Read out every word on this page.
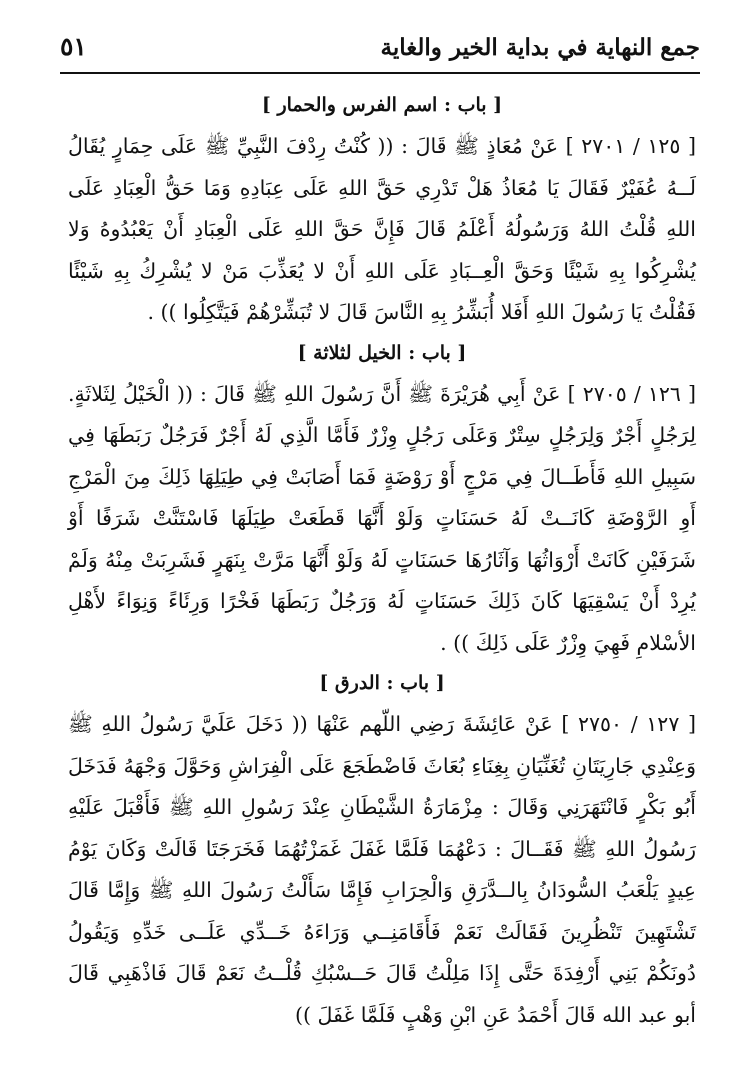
جمع النهاية في بداية الخير والغاية
٥١
[ باب : اسم الفرس والحمار ]

[ ١٢٥ / ٢٧٠١ ] عَنْ مُعَاذٍ ﷺ قَالَ : (( كُنْتُ رِدْفَ النَّبِيِّ ﷺ عَلَى حِمَارٍ يُقَالُ لَــهُ عُفَيْرٌ فَقَالَ يَا مُعَاذُ هَلْ تَدْرِي حَقَّ اللهِ عَلَى عِبَادِهِ وَمَا حَقُّ الْعِبَادِ عَلَى اللهِ قُلْتُ اللهُ وَرَسُولُهُ أَعْلَمُ قَالَ فَإِنَّ حَقَّ اللهِ عَلَى الْعِبَادِ أَنْ يَعْبُدُوهُ وَلا يُشْرِكُوا بِهِ شَيْئًا وَحَقَّ الْعِــبَادِ عَلَى اللهِ أَنْ لا يُعَذِّبَ مَنْ لا يُشْرِكُ بِهِ شَيْئًا فَقُلْتُ يَا رَسُولَ اللهِ أَفَلا أُبَشِّرُ بِهِ النَّاسَ قَالَ لا تُبَشِّرْهُمْ فَيَتَّكِلُوا )) .

[ باب : الخيل لثلاثة ]

[ ١٢٦ / ٢٧٠٥ ] عَنْ أَبِي هُرَيْرَةَ ﷺ أَنَّ رَسُولَ اللهِ ﷺ قَالَ : (( الْخَيْلُ لِثَلاثَةٍ. لِرَجُلٍ أَجْرٌ وَلِرَجُلٍ سِتْرٌ وَعَلَى رَجُلٍ وِزْرٌ فَأَمَّا الَّذِي لَهُ أَجْرٌ فَرَجُلٌ رَبَطَهَا فِي سَبِيلِ اللهِ فَأَطَــالَ فِي مَرْجٍ أَوْ رَوْضَةٍ فَمَا أَصَابَتْ فِي طِيَلِهَا ذَلِكَ مِنَ الْمَرْجِ أَوِ الرَّوْضَةِ كَانَــتْ لَهُ حَسَنَاتٍ وَلَوْ أَنَّهَا قَطَعَتْ طِيَلَهَا فَاسْتَنَّتْ شَرَفًا أَوْ شَرَفَيْنِ كَانَتْ أَرْوَاثُهَا وَآثَارُهَا حَسَنَاتٍ لَهُ وَلَوْ أَنَّهَا مَرَّتْ بِنَهَرٍ فَشَرِبَتْ مِنْهُ وَلَمْ يُرِدْ أَنْ يَسْقِيَهَا كَانَ ذَلِكَ حَسَنَاتٍ لَهُ وَرَجُلٌ رَبَطَهَا فَخْرًا وَرِئَاءً وَنِوَاءً لأَهْلِ الأسْلامِ فَهِيَ وِزْرٌ عَلَى ذَلِكَ )) .

[ باب : الدرق ]

[ ١٢٧ / ٢٧٥٠ ] عَنْ عَائِشَةَ رَضِي اللّهم عَنْهَا (( دَخَلَ عَلَيَّ رَسُولُ اللهِ ﷺ وَعِنْدِي جَارِيَتَانِ تُغَنِّيَانِ بِغِنَاءِ بُعَاثَ فَاضْطَجَعَ عَلَى الْفِرَاشِ وَحَوَّلَ وَجْهَهُ فَدَخَلَ أَبُو بَكْرٍ فَانْتَهَرَنِي وَقَالَ : مِزْمَارَةُ الشَّيْطَانِ عِنْدَ رَسُولِ اللهِ ﷺ فَأَقْبَلَ عَلَيْهِ رَسُولُ اللهِ ﷺ فَقَــالَ : دَعْهُمَا فَلَمَّا غَفَلَ غَمَزْتُهُمَا فَخَرَجَتَا قَالَتْ وَكَانَ يَوْمُ عِيدٍ يَلْعَبُ السُّودَانُ بِالــدَّرَقِ وَالْحِرَابِ فَإِمَّا سَأَلْتُ رَسُولَ اللهِ ﷺ وَإِمَّا قَالَ تَشْتَهِينَ تَنْظُرِينَ فَقَالَتْ نَعَمْ فَأَقَامَنِــي وَرَاءَهُ خَــدِّي عَلَــى خَدِّهِ وَيَقُولُ دُونَكُمْ بَنِي أَرْفِدَةَ حَتَّى إِذَا مَلِلْتُ قَالَ حَــسْبُكِ قُلْــتُ نَعَمْ قَالَ فَاذْهَبِي قَالَ أبو عبد الله قَالَ أَحْمَدُ عَنِ ابْنِ وَهْبٍ فَلَمَّا غَفَلَ ))
